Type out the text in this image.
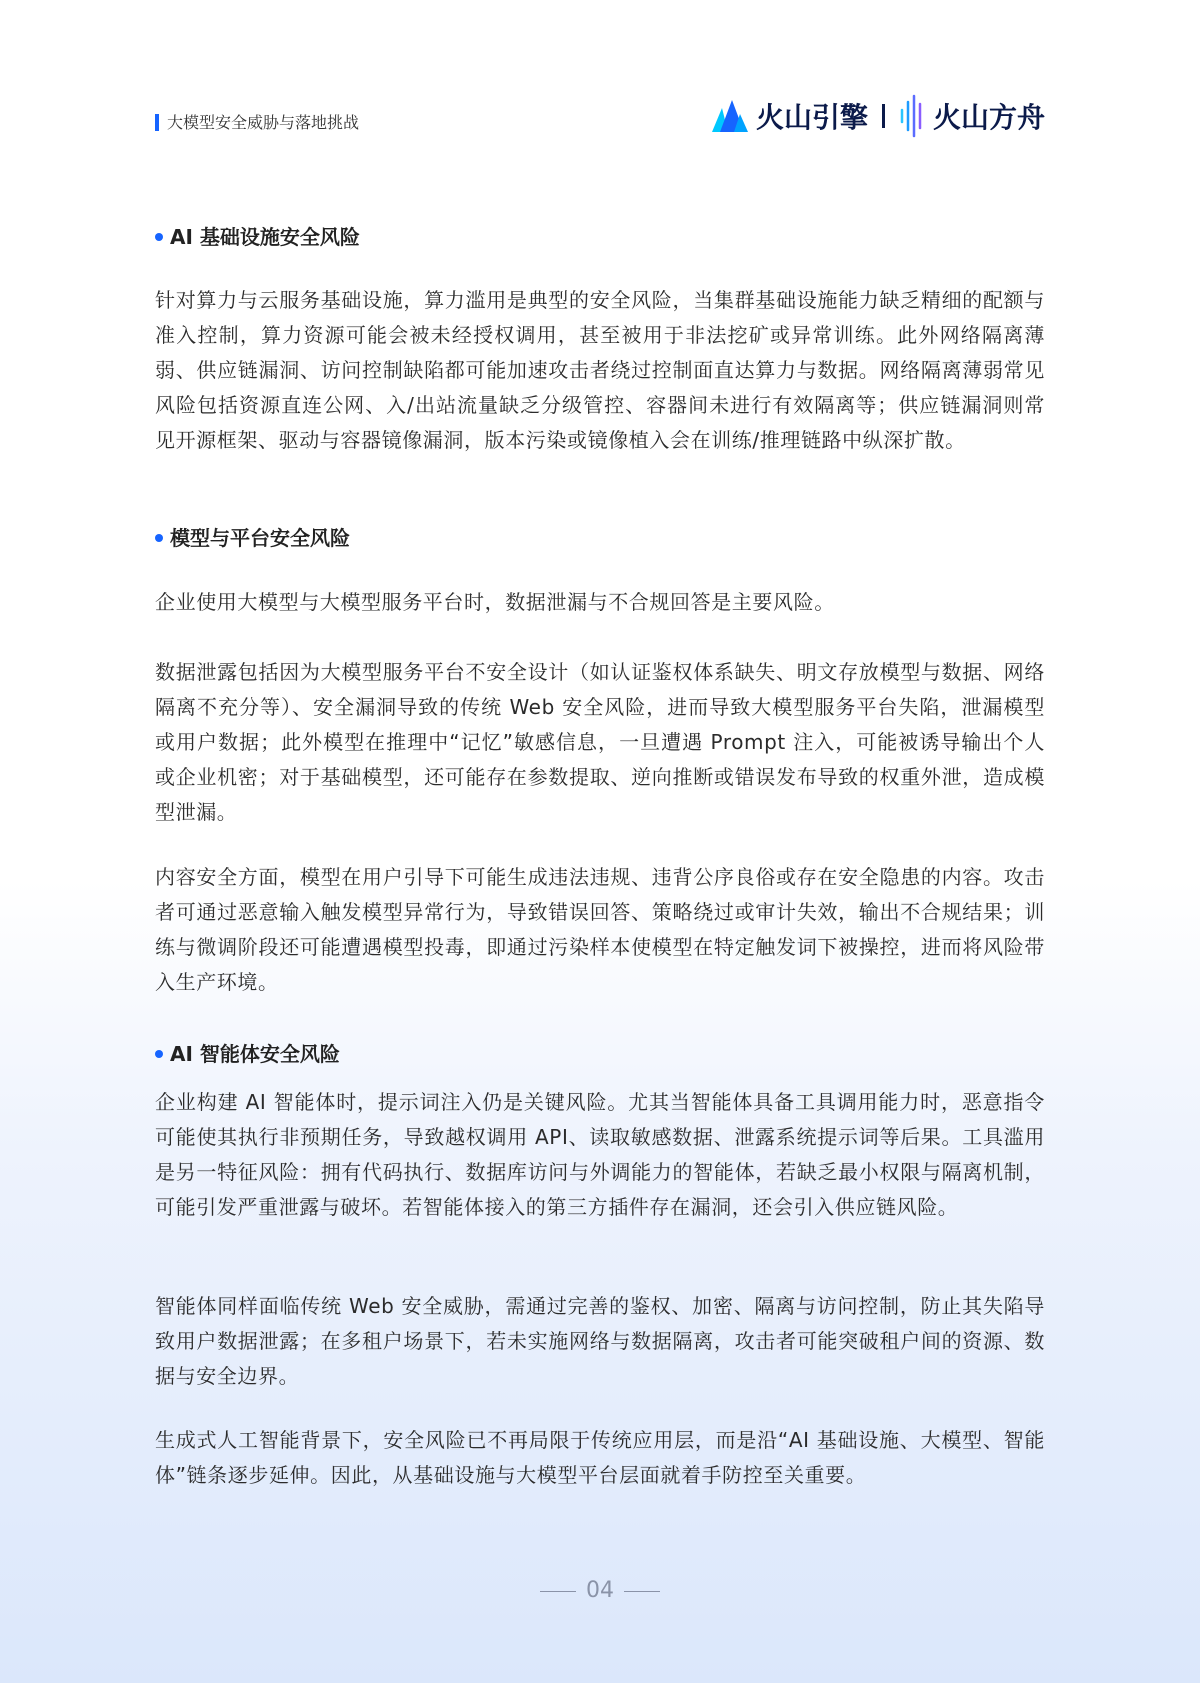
大模型安全威胁与落地挑战	火山引擎 火山方舟
AI 基础设施安全风险

针对算力与云服务基础设施，算力滥用是典型的安全风险，当集群基础设施能力缺乏精细的配额与准入控制，算力资源可能会被未经授权调用，甚至被用于非法挖矿或异常训练。此外网络隔离薄弱、供应链漏洞、访问控制缺陷都可能加速攻击者绕过控制面直达算力与数据。网络隔离薄弱常见风险包括资源直连公网、入/出站流量缺乏分级管控、容器间未进行有效隔离等；供应链漏洞则常见开源框架、驱动与容器镜像漏洞，版本污染或镜像植入会在训练/推理链路中纵深扩散。

模型与平台安全风险

企业使用大模型与大模型服务平台时，数据泄漏与不合规回答是主要风险。

数据泄露包括因为大模型服务平台不安全设计（如认证鉴权体系缺失、明文存放模型与数据、网络隔离不充分等）、安全漏洞导致的传统 Web 安全风险，进而导致大模型服务平台失陷，泄漏模型或用户数据；此外模型在推理中“记忆”敏感信息，一旦遭遇 Prompt 注入，可能被诱导输出个人或企业机密；对于基础模型，还可能存在参数提取、逆向推断或错误发布导致的权重外泄，造成模型泄漏。

内容安全方面，模型在用户引导下可能生成违法违规、违背公序良俗或存在安全隐患的内容。攻击者可通过恶意输入触发模型异常行为，导致错误回答、策略绕过或审计失效，输出不合规结果；训练与微调阶段还可能遭遇模型投毒，即通过污染样本使模型在特定触发词下被操控，进而将风险带入生产环境。

AI 智能体安全风险

企业构建 AI 智能体时，提示词注入仍是关键风险。尤其当智能体具备工具调用能力时，恶意指令可能使其执行非预期任务，导致越权调用 API、读取敏感数据、泄露系统提示词等后果。工具滥用是另一特征风险：拥有代码执行、数据库访问与外调能力的智能体，若缺乏最小权限与隔离机制，可能引发严重泄露与破坏。若智能体接入的第三方插件存在漏洞，还会引入供应链风险。

智能体同样面临传统 Web 安全威胁，需通过完善的鉴权、加密、隔离与访问控制，防止其失陷导致用户数据泄露；在多租户场景下，若未实施网络与数据隔离，攻击者可能突破租户间的资源、数据与安全边界。

生成式人工智能背景下，安全风险已不再局限于传统应用层，而是沿“AI 基础设施、大模型、智能体”链条逐步延伸。因此，从基础设施与大模型平台层面就着手防控至关重要。

04
